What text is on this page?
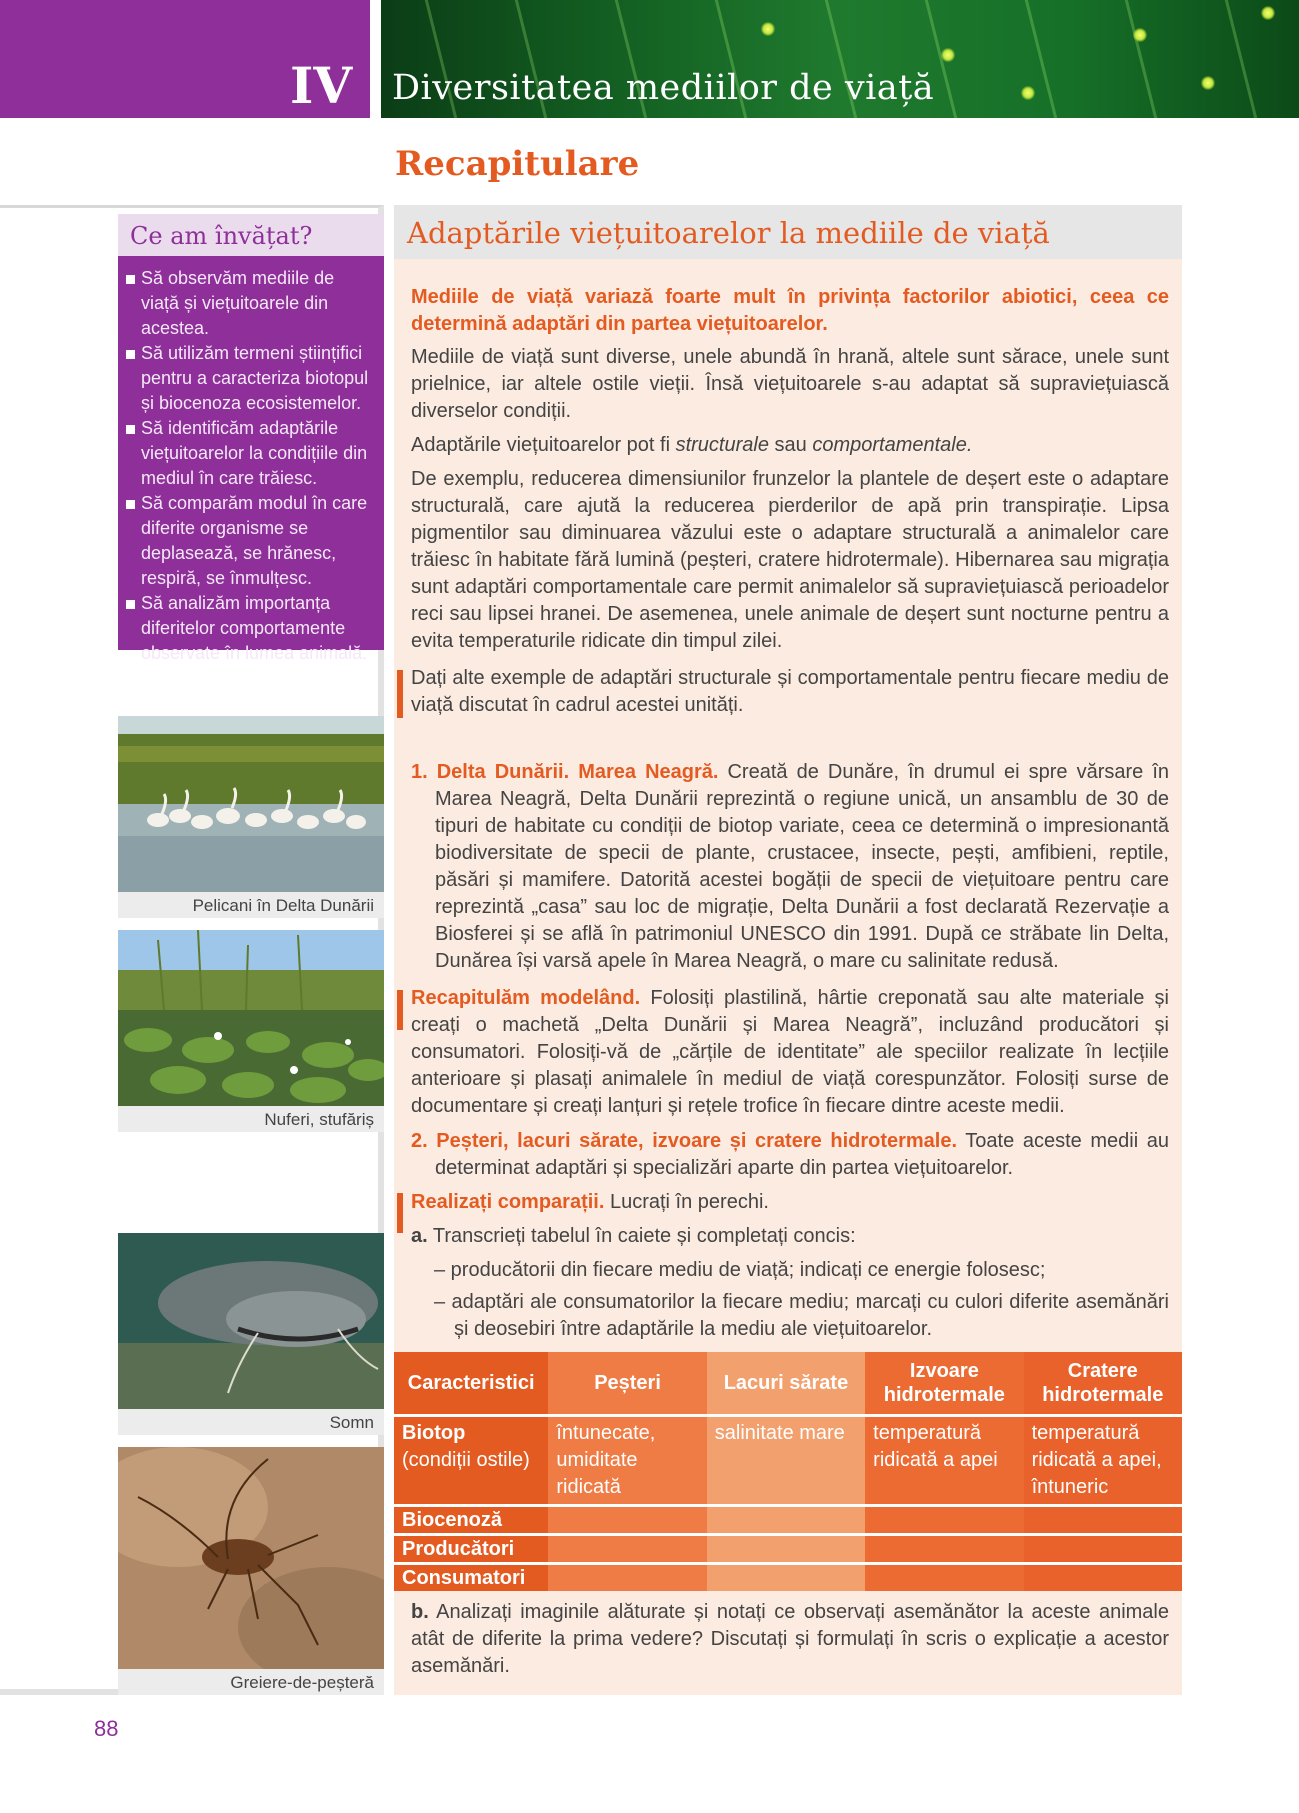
IV Diversitatea mediilor de viață
Recapitulare
Ce am învățat?
Să observăm mediile de viață și viețuitoarele din acestea.
Să utilizăm termeni științifici pentru a caracteriza biotopul și biocenoza ecosistemelor.
Să identificăm adaptările viețuitoarelor la condițiile din mediul în care trăiesc.
Să comparăm modul în care diferite organisme se deplasează, se hrănesc, respiră, se înmulțesc.
Să analizăm importanța diferitelor comportamente observate în lumea animală.
Pelicani în Delta Dunării
Nuferi, stufăriș
Somn
Greiere-de-peșteră
Adaptările viețuitoarelor la mediile de viață

Mediile de viață variază foarte mult în privința factorilor abiotici, ceea ce determină adaptări din partea viețuitoarelor.

Mediile de viață sunt diverse, unele abundă în hrană, altele sunt sărace, unele sunt prielnice, iar altele ostile vieții. Însă viețuitoarele s-au adaptat să supraviețuiască diverselor condiții.

Adaptările viețuitoarelor pot fi structurale sau comportamentale.

De exemplu, reducerea dimensiunilor frunzelor la plantele de deșert este o adaptare structurală, care ajută la reducerea pierderilor de apă prin transpirație. Lipsa pigmentilor sau diminuarea văzului este o adaptare structurală a animalelor care trăiesc în habitate fără lumină (peșteri, cratere hidrotermale). Hibernarea sau migrația sunt adaptări comportamentale care permit animalelor să supraviețuiască perioadelor reci sau lipsei hranei. De asemenea, unele animale de deșert sunt nocturne pentru a evita temperaturile ridicate din timpul zilei.

Dați alte exemple de adaptări structurale și comportamentale pentru fiecare mediu de viață discutat în cadrul acestei unități.

1. Delta Dunării. Marea Neagră. Creată de Dunăre, în drumul ei spre vărsare în Marea Neagră, Delta Dunării reprezintă o regiune unică, un ansamblu de 30 de tipuri de habitate cu condiții de biotop variate, ceea ce determină o impresionantă biodiversitate de specii de plante, crustacee, insecte, pești, amfibieni, reptile, păsări și mamifere. Datorită acestei bogății de specii de viețuitoare pentru care reprezintă „casa” sau loc de migrație, Delta Dunării a fost declarată Rezervație a Biosferei și se află în patrimoniul UNESCO din 1991. După ce străbate lin Delta, Dunărea își varsă apele în Marea Neagră, o mare cu salinitate redusă.

Recapitulăm modelând. Folosiți plastilină, hârtie creponată sau alte materiale și creați o machetă „Delta Dunării și Marea Neagră”, incluzând producători și consumatori. Folosiți-vă de „cărțile de identitate” ale speciilor realizate în lecțiile anterioare și plasați animalele în mediul de viață corespunzător. Folosiți surse de documentare și creați lanțuri și rețele trofice în fiecare dintre aceste medii.

2. Peșteri, lacuri sărate, izvoare și cratere hidrotermale. Toate aceste medii au determinat adaptări și specializări aparte din partea viețuitoarelor.

Realizați comparații. Lucrați în perechi.

a. Transcrieți tabelul în caiete și completați concis:

– producătorii din fiecare mediu de viață; indicați ce energie folosesc;

– adaptări ale consumatorilor la fiecare mediu; marcați cu culori diferite asemănări și deosebiri între adaptările la mediu ale viețuitoarelor.

Caracteristici	Peșteri	Lacuri sărate	Izvoare hidrotermale	Cratere hidrotermale
Biotop
(condiții ostile)	întunecate, umiditate ridicată	salinitate mare	temperatură ridicată a apei	temperatură ridicată a apei, întuneric
Biocenoză				
Producători				
Consumatori				

b. Analizați imaginile alăturate și notați ce observați asemănător la aceste animale atât de diferite la prima vedere? Discutați și formulați în scris o explicație a acestor asemănări.

88
